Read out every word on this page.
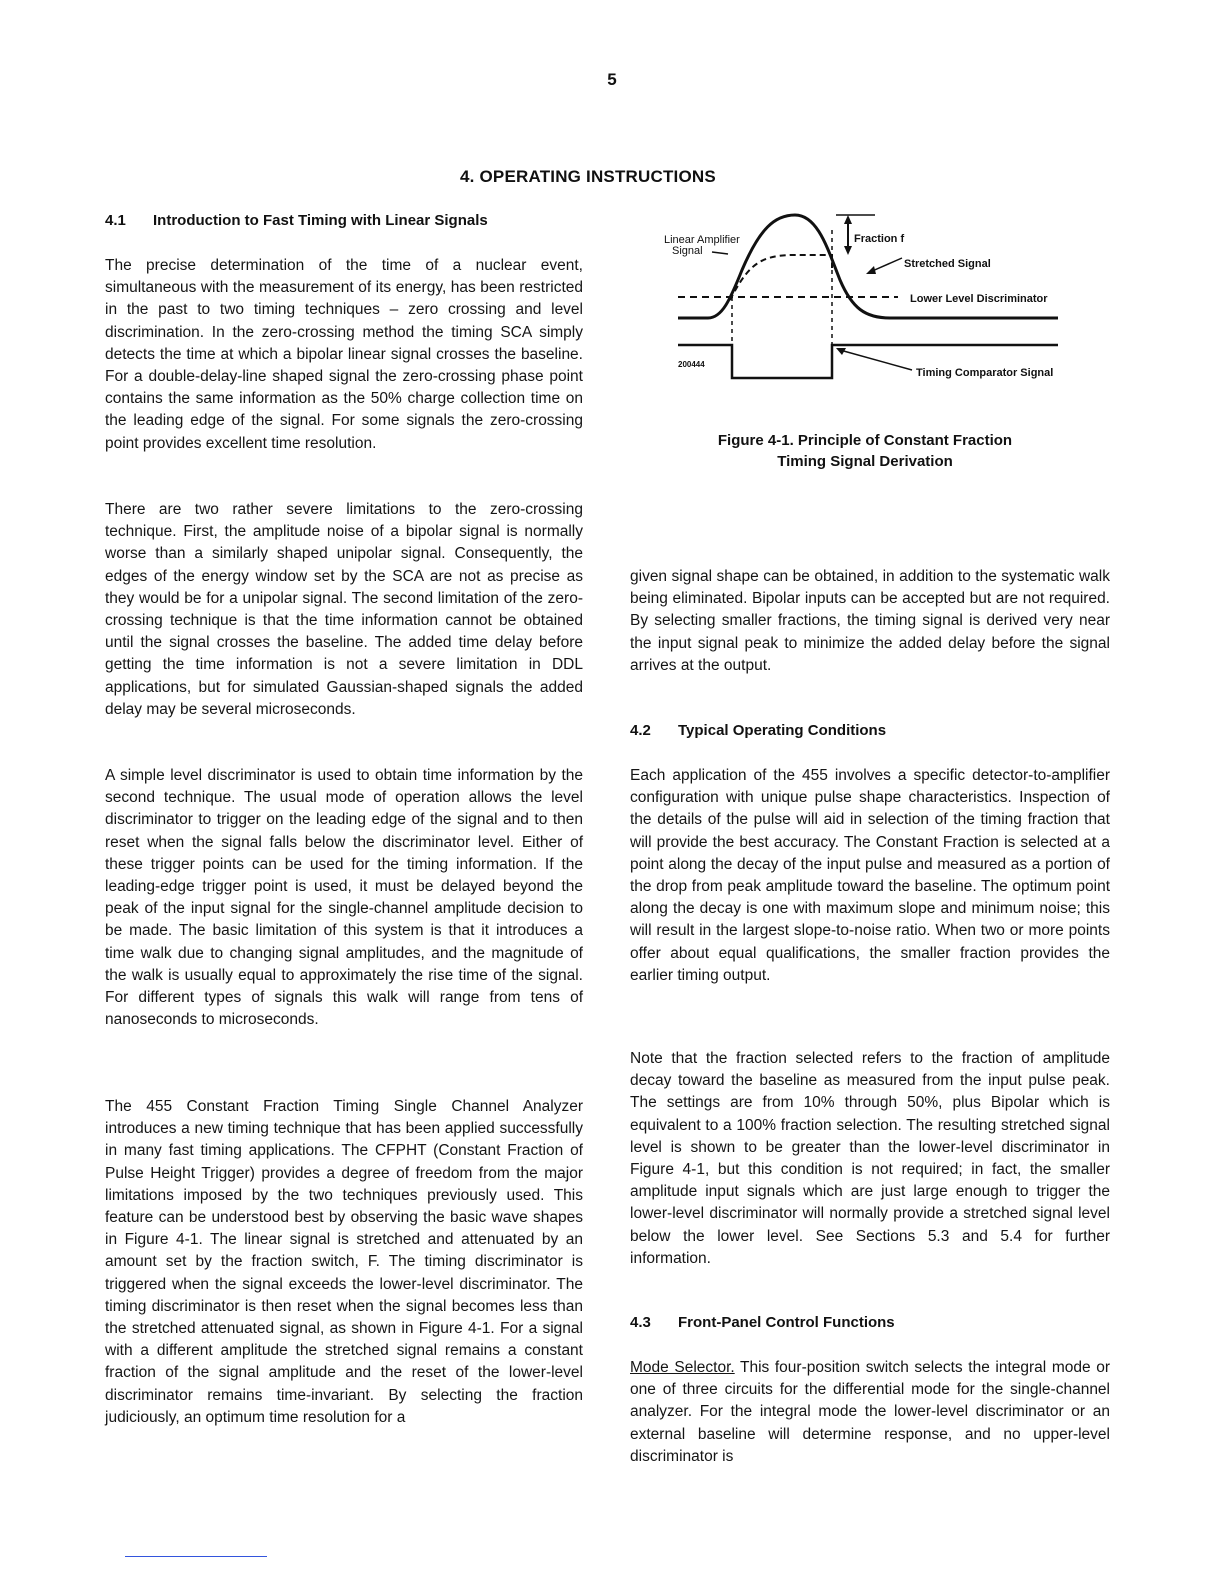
5
4. OPERATING INSTRUCTIONS
4.1 Introduction to Fast Timing with Linear Signals

The precise determination of the time of a nuclear event, simultaneous with the measurement of its energy, has been restricted in the past to two timing techniques – zero crossing and level discrimination. In the zero-crossing method the timing SCA simply detects the time at which a bipolar linear signal crosses the baseline. For a double-delay-line shaped signal the zero-crossing phase point contains the same information as the 50% charge collection time on the leading edge of the signal. For some signals the zero-crossing point provides excellent time resolution.

There are two rather severe limitations to the zero-crossing technique. First, the amplitude noise of a bipolar signal is normally worse than a similarly shaped unipolar signal. Consequently, the edges of the energy window set by the SCA are not as precise as they would be for a unipolar signal. The second limitation of the zero-crossing technique is that the time information cannot be obtained until the signal crosses the baseline. The added time delay before getting the time information is not a severe limitation in DDL applications, but for simulated Gaussian-shaped signals the added delay may be several microseconds.

A simple level discriminator is used to obtain time information by the second technique. The usual mode of operation allows the level discriminator to trigger on the leading edge of the signal and to then reset when the signal falls below the discriminator level. Either of these trigger points can be used for the timing information. If the leading-edge trigger point is used, it must be delayed beyond the peak of the input signal for the single-channel amplitude decision to be made. The basic limitation of this system is that it introduces a time walk due to changing signal amplitudes, and the magnitude of the walk is usually equal to approximately the rise time of the signal. For different types of signals this walk will range from tens of nanoseconds to microseconds.

The 455 Constant Fraction Timing Single Channel Analyzer introduces a new timing technique that has been applied successfully in many fast timing applications. The CFPHT (Constant Fraction of Pulse Height Trigger) provides a degree of freedom from the major limitations imposed by the two techniques previously used. This feature can be understood best by observing the basic wave shapes in Figure 4-1. The linear signal is stretched and attenuated by an amount set by the fraction switch, F. The timing discriminator is triggered when the signal exceeds the lower-level discriminator. The timing discriminator is then reset when the signal becomes less than the stretched attenuated signal, as shown in Figure 4-1. For a signal with a different amplitude the stretched signal remains a constant fraction of the signal amplitude and the reset of the lower-level discriminator remains time-invariant. By selecting the fraction judiciously, an optimum time resolution for a

Linear Amplifier
Signal
Fraction f
Stretched Signal
Lower Level Discriminator
200444
Timing Comparator Signal
Figure 4-1. Principle of Constant Fraction
Timing Signal Derivation

given signal shape can be obtained, in addition to the systematic walk being eliminated. Bipolar inputs can be accepted but are not required. By selecting smaller fractions, the timing signal is derived very near the input signal peak to minimize the added delay before the signal arrives at the output.

4.2 Typical Operating Conditions

Each application of the 455 involves a specific detector-to-amplifier configuration with unique pulse shape characteristics. Inspection of the details of the pulse will aid in selection of the timing fraction that will provide the best accuracy. The Constant Fraction is selected at a point along the decay of the input pulse and measured as a portion of the drop from peak amplitude toward the baseline. The optimum point along the decay is one with maximum slope and minimum noise; this will result in the largest slope-to-noise ratio. When two or more points offer about equal qualifications, the smaller fraction provides the earlier timing output.

Note that the fraction selected refers to the fraction of amplitude decay toward the baseline as measured from the input pulse peak. The settings are from 10% through 50%, plus Bipolar which is equivalent to a 100% fraction selection. The resulting stretched signal level is shown to be greater than the lower-level discriminator in Figure 4-1, but this condition is not required; in fact, the smaller amplitude input signals which are just large enough to trigger the lower-level discriminator will normally provide a stretched signal level below the lower level. See Sections 5.3 and 5.4 for further information.

4.3 Front-Panel Control Functions

Mode Selector. This four-position switch selects the integral mode or one of three circuits for the differential mode for the single-channel analyzer. For the integral mode the lower-level discriminator or an external baseline will determine response, and no upper-level discriminator is
